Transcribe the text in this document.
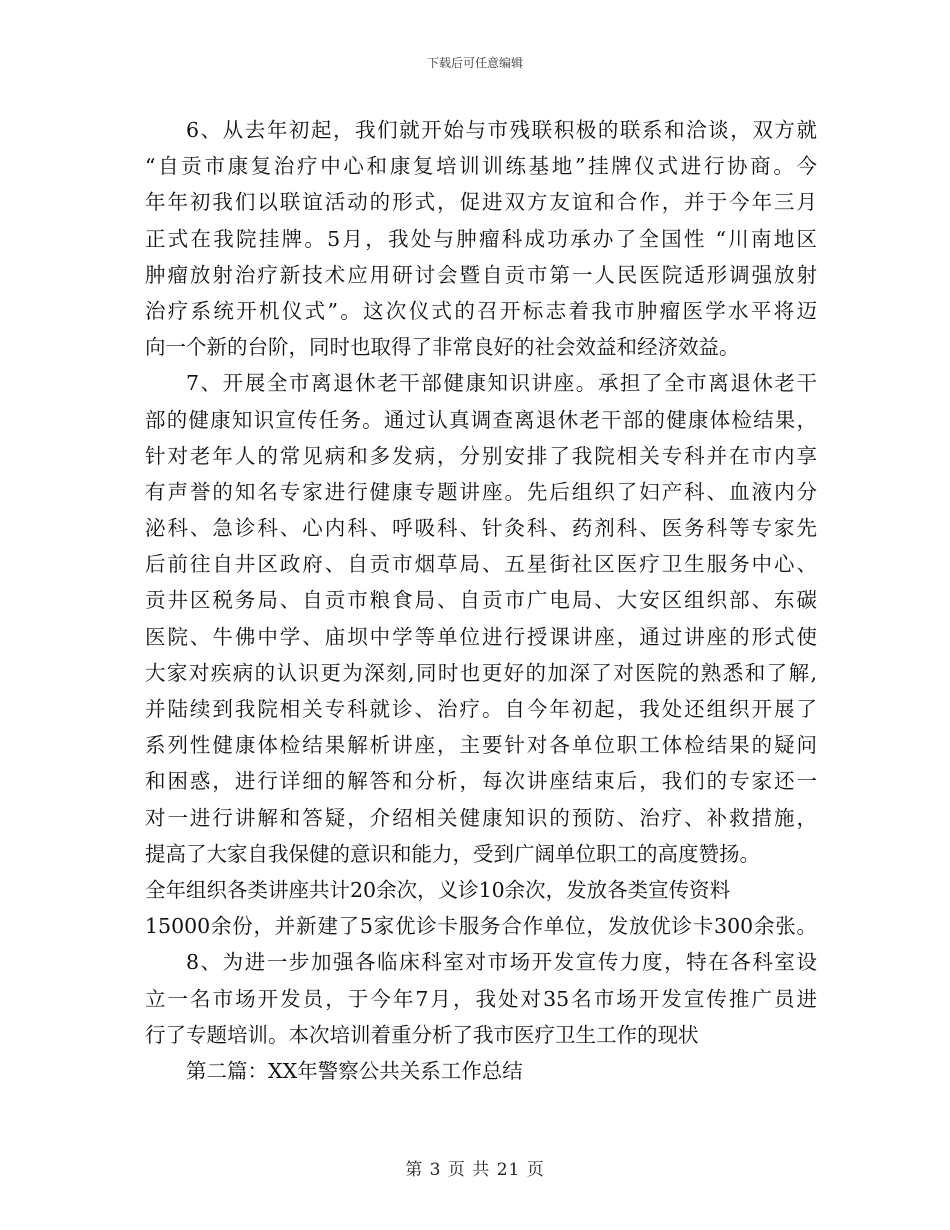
下载后可任意编辑
6、从去年初起，我们就开始与市残联积极的联系和洽谈，双方就
“自贡市康复治疗中心和康复培训训练基地”挂牌仪式进行协商。今
年年初我们以联谊活动的形式，促进双方友谊和合作，并于今年三月
正式在我院挂牌。5月，我处与肿瘤科成功承办了全国性 “川南地区
肿瘤放射治疗新技术应用研讨会暨自贡市第一人民医院适形调强放射
治疗系统开机仪式”。这次仪式的召开标志着我市肿瘤医学水平将迈
向一个新的台阶，同时也取得了非常良好的社会效益和经济效益。
7、开展全市离退休老干部健康知识讲座。承担了全市离退休老干
部的健康知识宣传任务。通过认真调查离退休老干部的健康体检结果，
针对老年人的常见病和多发病，分别安排了我院相关专科并在市内享
有声誉的知名专家进行健康专题讲座。先后组织了妇产科、血液内分
泌科、急诊科、心内科、呼吸科、针灸科、药剂科、医务科等专家先
后前往自井区政府、自贡市烟草局、五星街社区医疗卫生服务中心、
贡井区税务局、自贡市粮食局、自贡市广电局、大安区组织部、东碳
医院、牛佛中学、庙坝中学等单位进行授课讲座，通过讲座的形式使
大家对疾病的认识更为深刻,同时也更好的加深了对医院的熟悉和了解,
并陆续到我院相关专科就诊、治疗。自今年初起，我处还组织开展了
系列性健康体检结果解析讲座，主要针对各单位职工体检结果的疑问
和困惑，进行详细的解答和分析，每次讲座结束后，我们的专家还一
对一进行讲解和答疑，介绍相关健康知识的预防、治疗、补救措施，
提高了大家自我保健的意识和能力，受到广阔单位职工的高度赞扬。
全年组织各类讲座共计20余次，义诊10余次，发放各类宣传资料
15000余份，并新建了5家优诊卡服务合作单位，发放优诊卡300余张。
8、为进一步加强各临床科室对市场开发宣传力度，特在各科室设
立一名市场开发员，于今年7月，我处对35名市场开发宣传推广员进
行了专题培训。本次培训着重分析了我市医疗卫生工作的现状
第二篇：XX年警察公共关系工作总结
第 3 页 共 21 页
